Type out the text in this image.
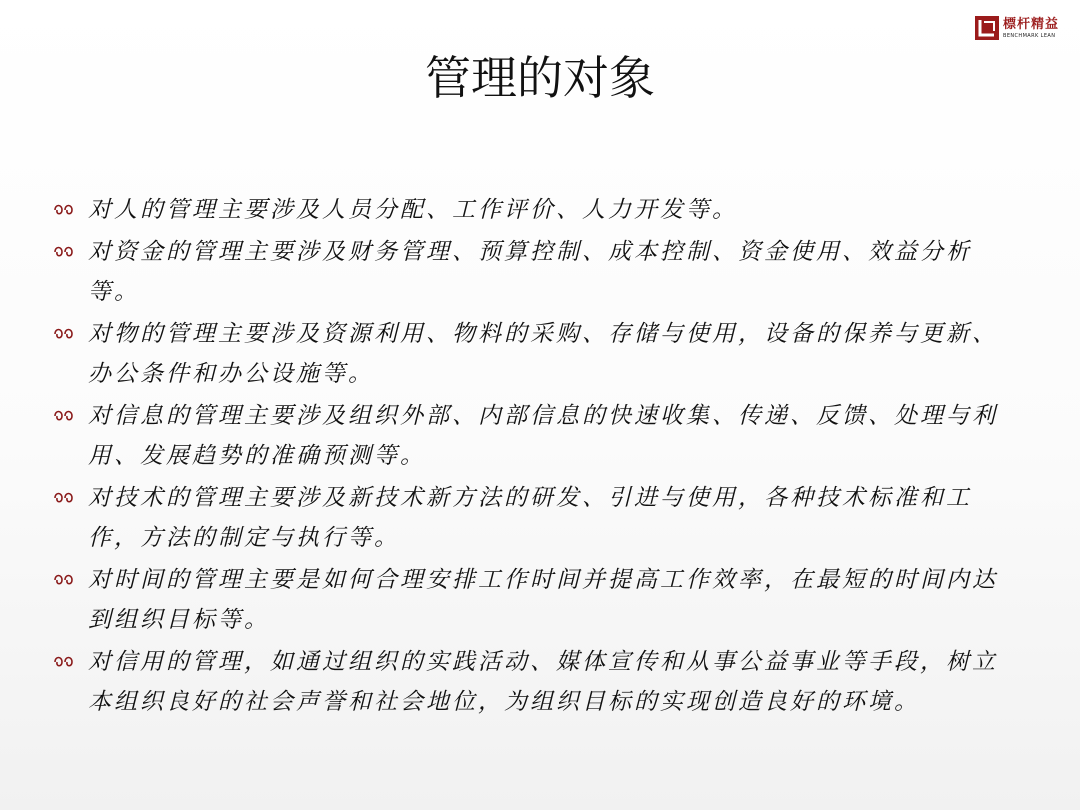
標杆精益
BENCHMARK LEAN
管理的对象
对人的管理主要涉及人员分配、工作评价、人力开发等。
对资金的管理主要涉及财务管理、预算控制、成本控制、资金使用、效益分析等。
对物的管理主要涉及资源利用、物料的采购、存储与使用，设备的保养与更新、办公条件和办公设施等。
对信息的管理主要涉及组织外部、内部信息的快速收集、传递、反馈、处理与利用、发展趋势的准确预测等。
对技术的管理主要涉及新技术新方法的研发、引进与使用，各种技术标准和工作，方法的制定与执行等。
对时间的管理主要是如何合理安排工作时间并提高工作效率，在最短的时间内达到组织目标等。
对信用的管理，如通过组织的实践活动、媒体宣传和从事公益事业等手段，树立本组织良好的社会声誉和社会地位，为组织目标的实现创造良好的环境。
